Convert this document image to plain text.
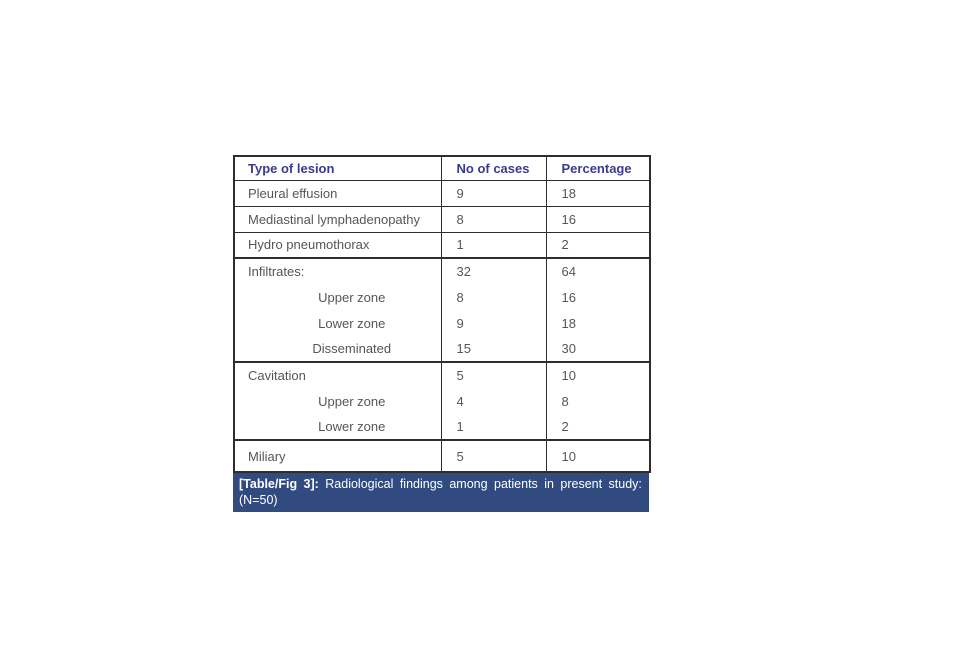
Type of lesion	No of cases	Percentage
Pleural effusion	9	18
Mediastinal lymphadenopathy	8	16
Hydro pneumothorax	1	2
Infiltrates:	32	64
Upper zone	8	16
Lower zone	9	18
Disseminated	15	30
Cavitation	5	10
Upper zone	4	8
Lower zone	1	2
Miliary	5	10
[Table/Fig 3]: Radiological findings among patients in present study:
(N=50)
